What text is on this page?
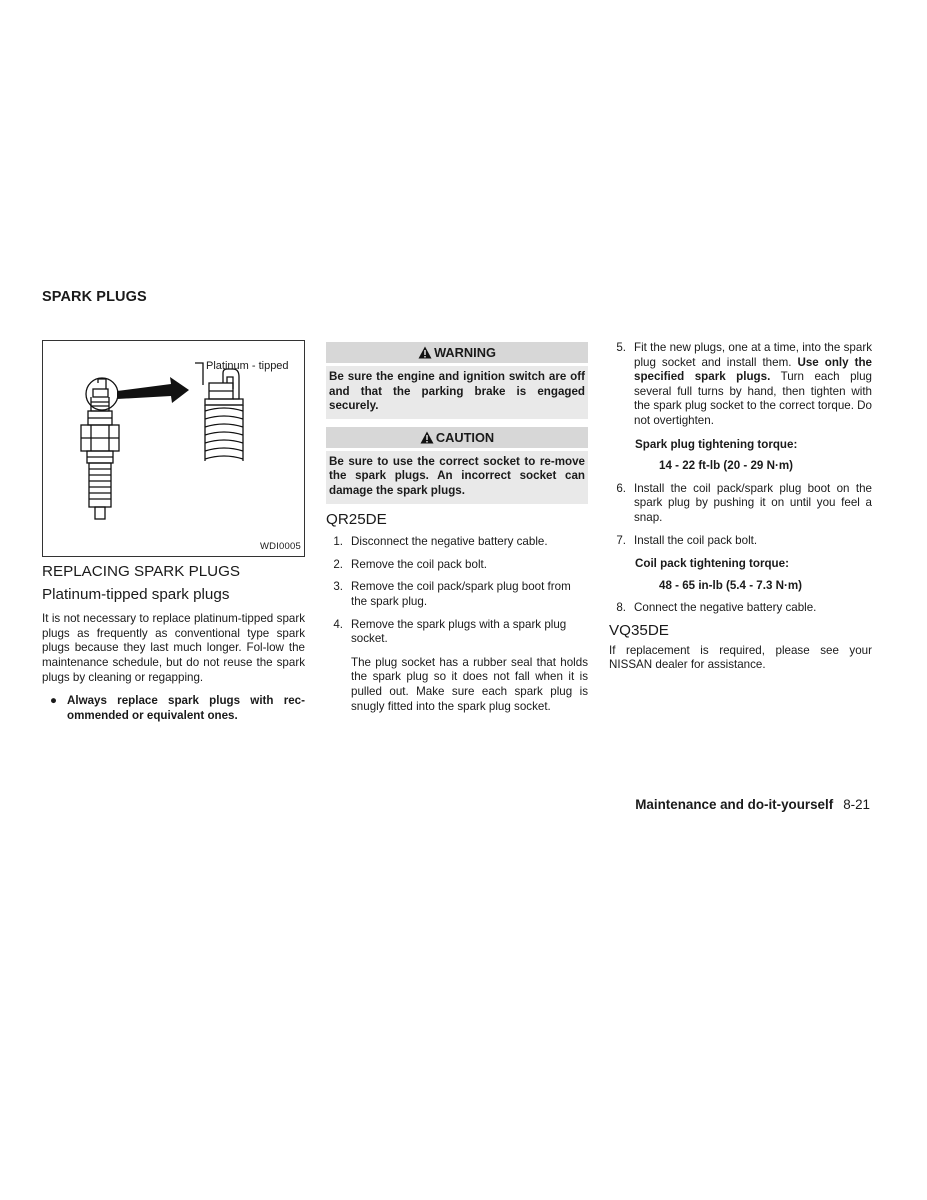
SPARK PLUGS
Platinum - tipped
WDI0005
REPLACING SPARK PLUGS
Platinum-tipped spark plugs

It is not necessary to replace platinum-tipped spark plugs as frequently as conventional type spark plugs because they last much longer. Fol-low the maintenance schedule, but do not reuse the spark plugs by cleaning or regapping.

● Always replace spark plugs with rec-ommended or equivalent ones.
WARNING
Be sure the engine and ignition switch are off and that the parking brake is engaged securely.
CAUTION
Be sure to use the correct socket to re-move the spark plugs. An incorrect socket can damage the spark plugs.
QR25DE
1. Disconnect the negative battery cable.
2. Remove the coil pack bolt.
3. Remove the coil pack/spark plug boot from the spark plug.
4. Remove the spark plugs with a spark plug socket.

The plug socket has a rubber seal that holds the spark plug so it does not fall when it is pulled out. Make sure each spark plug is snugly fitted into the spark plug socket.

5. Fit the new plugs, one at a time, into the spark plug socket and install them. Use only the specified spark plugs. Turn each plug several full turns by hand, then tighten with the spark plug socket to the correct torque. Do not overtighten.
Spark plug tightening torque:
14 - 22 ft-lb (20 - 29 N·m)
6. Install the coil pack/spark plug boot on the spark plug by pushing it on until you feel a snap.
7. Install the coil pack bolt.
Coil pack tightening torque:
48 - 65 in-lb (5.4 - 7.3 N·m)
8. Connect the negative battery cable.
VQ35DE

If replacement is required, please see your NISSAN dealer for assistance.

Maintenance and do-it-yourself 8-21
